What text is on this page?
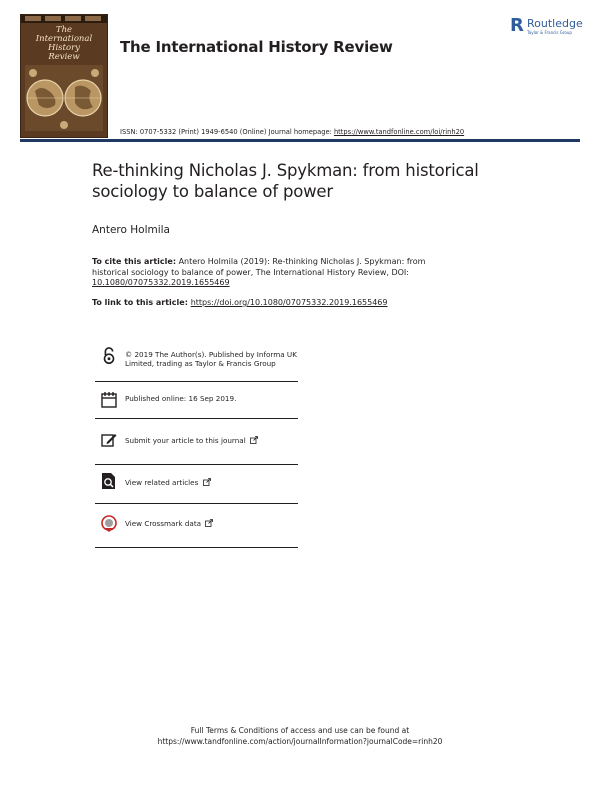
The
International
History
Review
The International History Review
R Routledge
Taylor & Francis Group
ISSN: 0707-5332 (Print) 1949-6540 (Online) Journal homepage: https://www.tandfonline.com/loi/rinh20
Re-thinking Nicholas J. Spykman: from historical sociology to balance of power
Antero Holmila
To cite this article: Antero Holmila (2019): Re-thinking Nicholas J. Spykman: from historical sociology to balance of power, The International History Review, DOI: 10.1080/07075332.2019.1655469
To link to this article: https://doi.org/10.1080/07075332.2019.1655469
© 2019 The Author(s). Published by Informa UK Limited, trading as Taylor & Francis Group
Published online: 16 Sep 2019.
Submit your article to this journal
View related articles
View Crossmark data
Full Terms & Conditions of access and use can be found at
https://www.tandfonline.com/action/journalInformation?journalCode=rinh20
